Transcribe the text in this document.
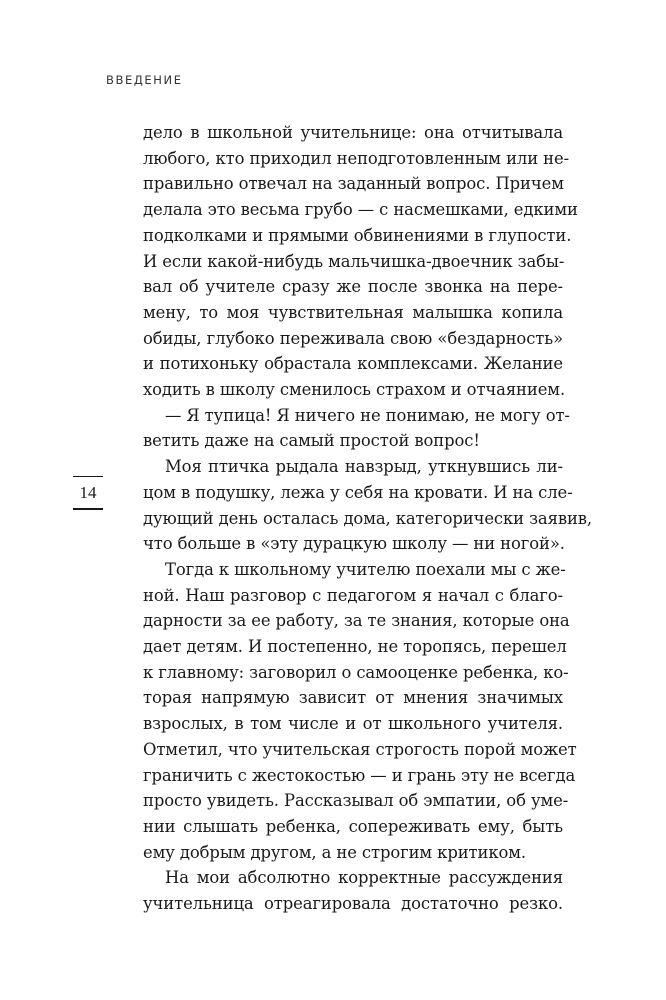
ВВЕДЕНИЕ
14
дело в школьной учительнице: она отчитывала
любого, кто приходил неподготовленным или не-
правильно отвечал на заданный вопрос. Причем
делала это весьма грубо — с насмешками, едкими
подколками и прямыми обвинениями в глупости.
И если какой-нибудь мальчишка-двоечник забы-
вал об учителе сразу же после звонка на пере-
мену, то моя чувствительная малышка копила
обиды, глубоко переживала свою «бездарность»
и потихоньку обрастала комплексами. Желание
ходить в школу сменилось страхом и отчаянием.
— Я тупица! Я ничего не понимаю, не могу от-
ветить даже на самый простой вопрос!
Моя птичка рыдала навзрыд, уткнувшись ли-
цом в подушку, лежа у себя на кровати. И на сле-
дующий день осталась дома, категорически заявив,
что больше в «эту дурацкую школу — ни ногой».
Тогда к школьному учителю поехали мы с же-
ной. Наш разговор с педагогом я начал с благо-
дарности за ее работу, за те знания, которые она
дает детям. И постепенно, не торопясь, перешел
к главному: заговорил о самооценке ребенка, ко-
торая напрямую зависит от мнения значимых
взрослых, в том числе и от школьного учителя.
Отметил, что учительская строгость порой может
граничить с жестокостью — и грань эту не всегда
просто увидеть. Рассказывал об эмпатии, об уме-
нии слышать ребенка, сопереживать ему, быть
ему добрым другом, а не строгим критиком.
На мои абсолютно корректные рассуждения
учительница отреагировала достаточно резко.
